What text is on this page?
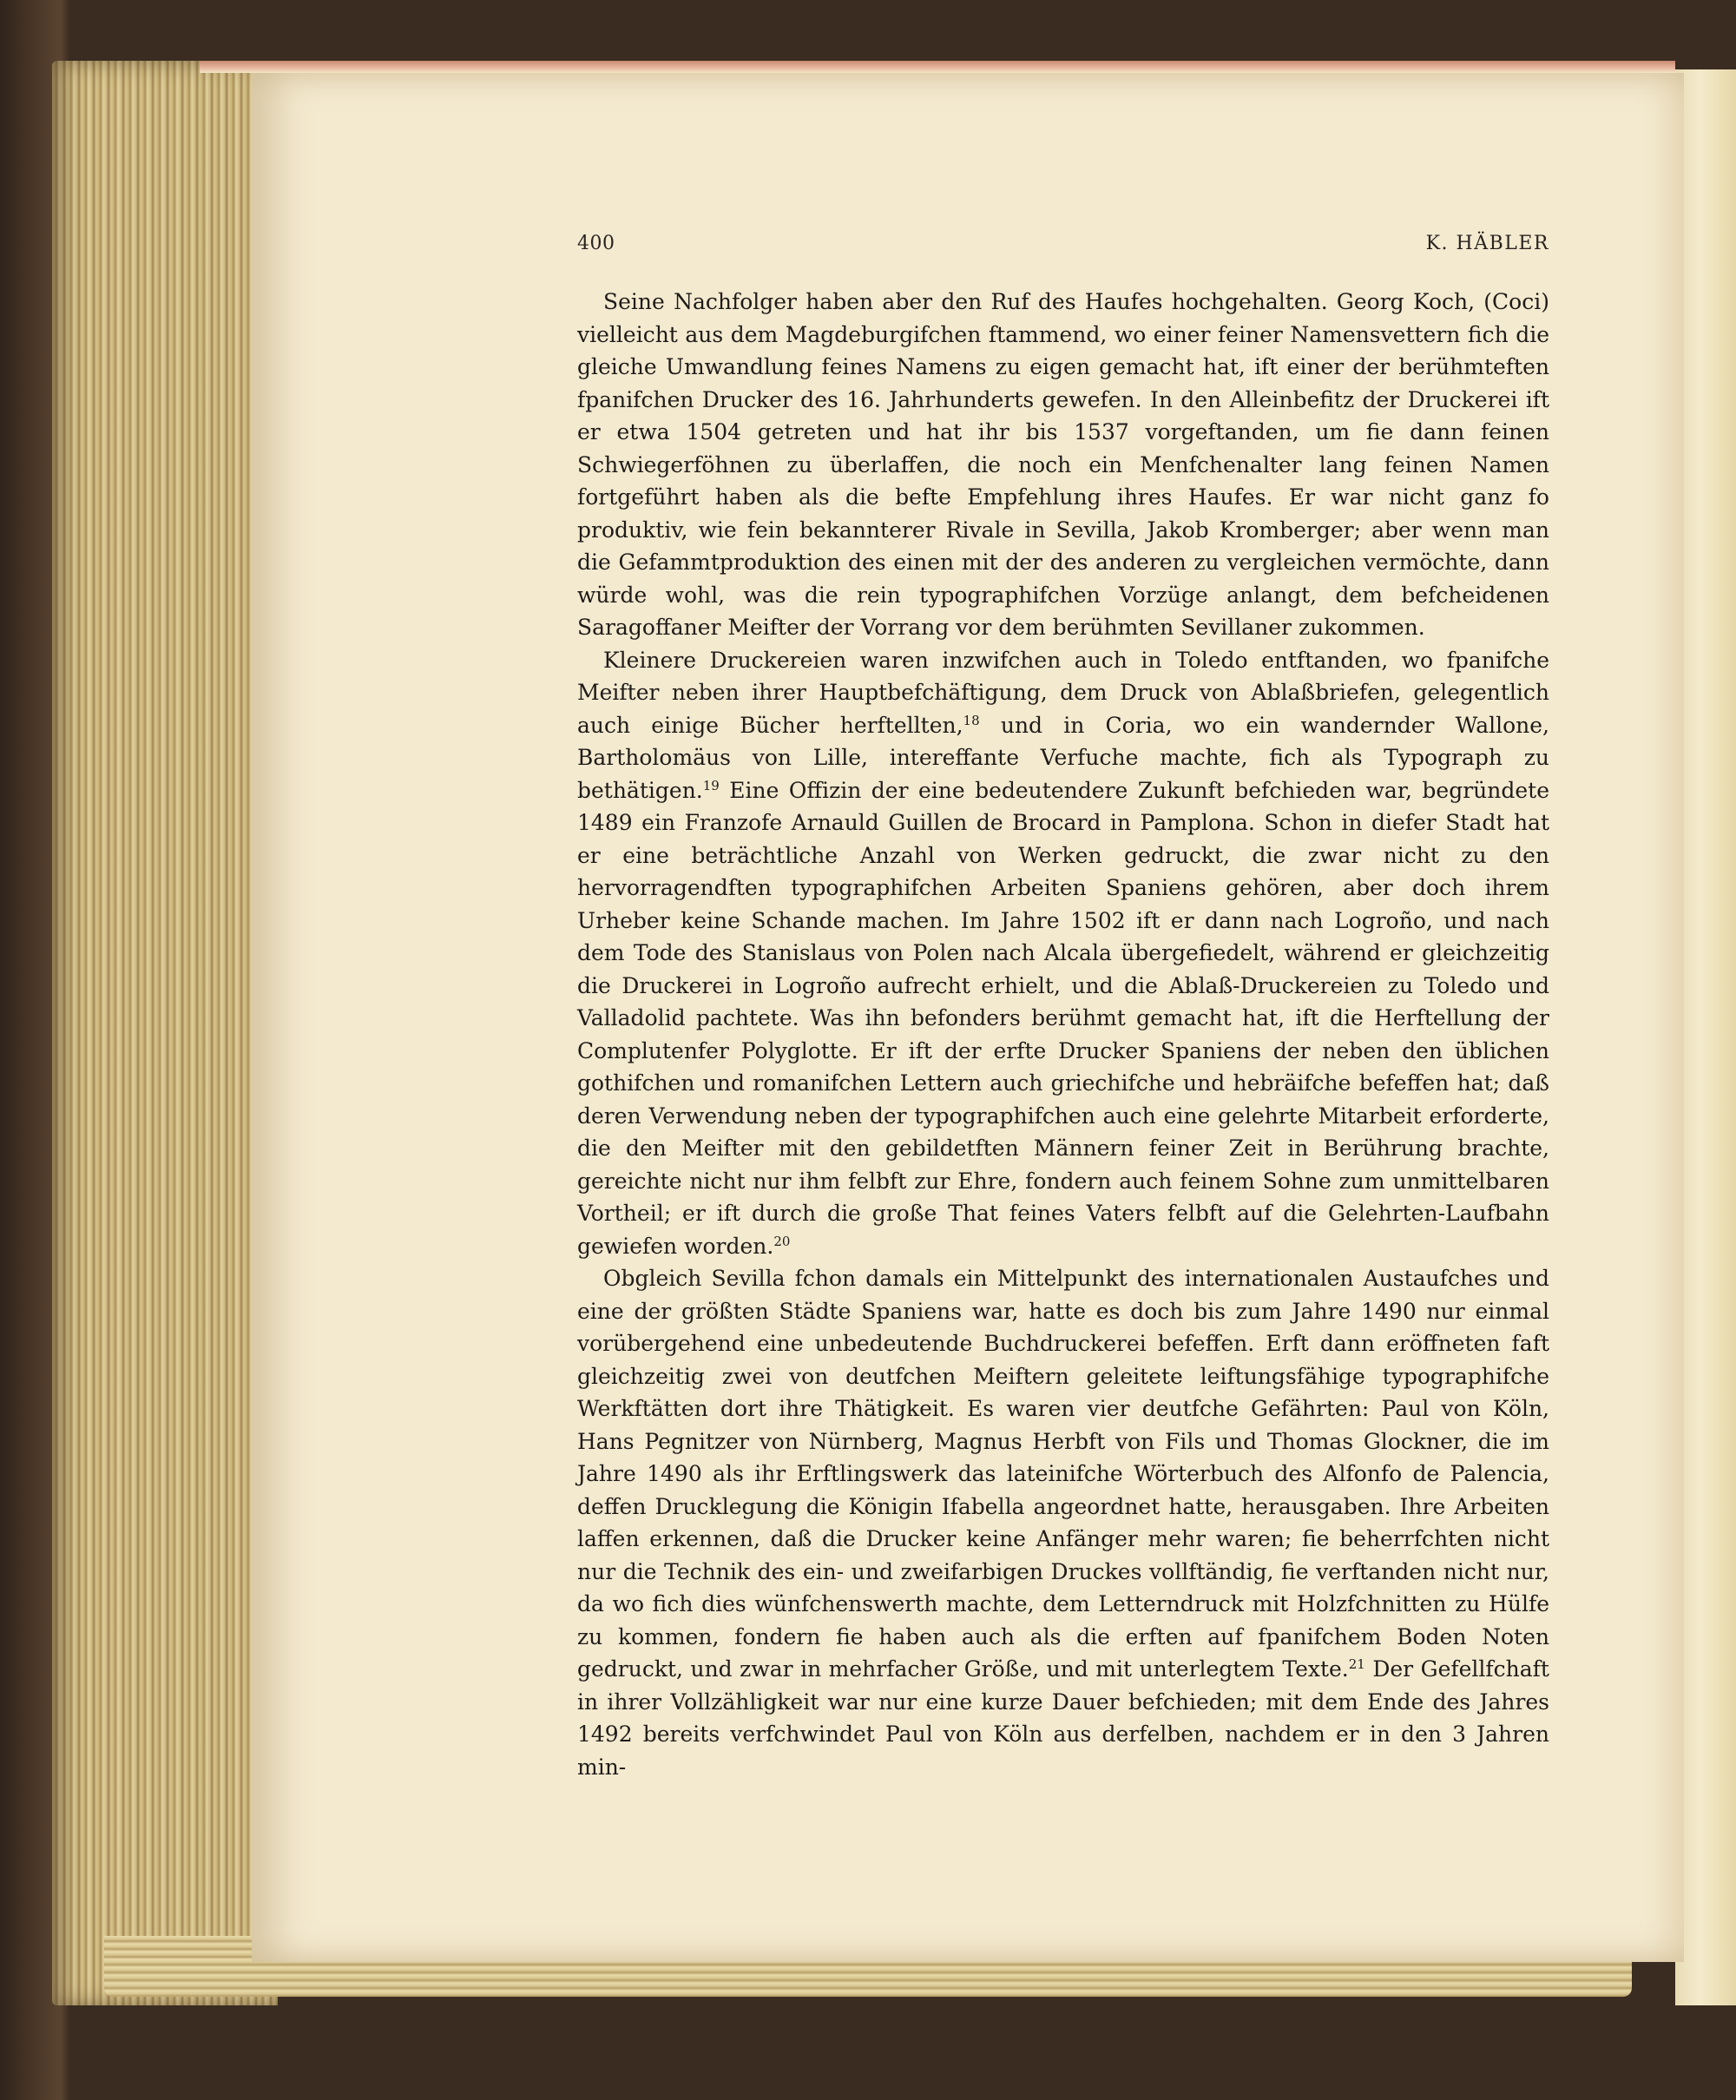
400	K. HÄBLER

Seine Nachfolger haben aber den Ruf des Haufes hochgehalten. Georg Koch, (Coci) vielleicht aus dem Magdeburgifchen ftammend, wo einer feiner Namensvettern fich die gleiche Umwandlung feines Namens zu eigen gemacht hat, ift einer der berühmteften fpanifchen Drucker des 16. Jahrhunderts gewefen. In den Alleinbefitz der Druckerei ift er etwa 1504 getreten und hat ihr bis 1537 vorgeftanden, um fie dann feinen Schwiegerföhnen zu überlaffen, die noch ein Menfchenalter lang feinen Namen fortgeführt haben als die befte Empfehlung ihres Haufes. Er war nicht ganz fo produktiv, wie fein bekannterer Rivale in Sevilla, Jakob Kromberger; aber wenn man die Gefammtproduktion des einen mit der des anderen zu vergleichen vermöchte, dann würde wohl, was die rein typographifchen Vorzüge anlangt, dem befcheidenen Saragoffaner Meifter der Vorrang vor dem berühmten Sevillaner zukommen.

Kleinere Druckereien waren inzwifchen auch in Toledo entftanden, wo fpanifche Meifter neben ihrer Hauptbefchäftigung, dem Druck von Ablaßbriefen, gelegentlich auch einige Bücher herftellten,$^{18}$ und in Coria, wo ein wandernder Wallone, Bartholomäus von Lille, intereffante Verfuche machte, fich als Typograph zu bethätigen.$^{19}$ Eine Offizin der eine bedeutendere Zukunft befchieden war, begründete 1489 ein Franzofe Arnauld Guillen de Brocard in Pamplona. Schon in diefer Stadt hat er eine beträchtliche Anzahl von Werken gedruckt, die zwar nicht zu den hervorragendften typographifchen Arbeiten Spaniens gehören, aber doch ihrem Urheber keine Schande machen. Im Jahre 1502 ift er dann nach Logroño, und nach dem Tode des Stanislaus von Polen nach Alcala übergefiedelt, während er gleichzeitig die Druckerei in Logroño aufrecht erhielt, und die Ablaß-Druckereien zu Toledo und Valladolid pachtete. Was ihn befonders berühmt gemacht hat, ift die Herftellung der Complutenfer Polyglotte. Er ift der erfte Drucker Spaniens der neben den üblichen gothifchen und romanifchen Lettern auch griechifche und hebräifche befeffen hat; daß deren Verwendung neben der typographifchen auch eine gelehrte Mitarbeit erforderte, die den Meifter mit den gebildetften Männern feiner Zeit in Berührung brachte, gereichte nicht nur ihm felbft zur Ehre, fondern auch feinem Sohne zum unmittelbaren Vortheil; er ift durch die große That feines Vaters felbft auf die Gelehrten-Laufbahn gewiefen worden.$^{20}$

Obgleich Sevilla fchon damals ein Mittelpunkt des internationalen Austaufches und eine der größten Städte Spaniens war, hatte es doch bis zum Jahre 1490 nur einmal vorübergehend eine unbedeutende Buchdruckerei befeffen. Erft dann eröffneten faft gleichzeitig zwei von deutfchen Meiftern geleitete leiftungsfähige typographifche Werkftätten dort ihre Thätigkeit. Es waren vier deutfche Gefährten: Paul von Köln, Hans Pegnitzer von Nürnberg, Magnus Herbft von Fils und Thomas Glockner, die im Jahre 1490 als ihr Erftlingswerk das lateinifche Wörterbuch des Alfonfo de Palencia, deffen Drucklegung die Königin Ifabella angeordnet hatte, herausgaben. Ihre Arbeiten laffen erkennen, daß die Drucker keine Anfänger mehr waren; fie beherrfchten nicht nur die Technik des ein- und zweifarbigen Druckes vollftändig, fie verftanden nicht nur, da wo fich dies wünfchenswerth machte, dem Letterndruck mit Holzfchnitten zu Hülfe zu kommen, fondern fie haben auch als die erften auf fpanifchem Boden Noten gedruckt, und zwar in mehrfacher Größe, und mit unterlegtem Texte.$^{21}$ Der Gefellfchaft in ihrer Vollzähligkeit war nur eine kurze Dauer befchieden; mit dem Ende des Jahres 1492 bereits verfchwindet Paul von Köln aus derfelben, nachdem er in den 3 Jahren min-
